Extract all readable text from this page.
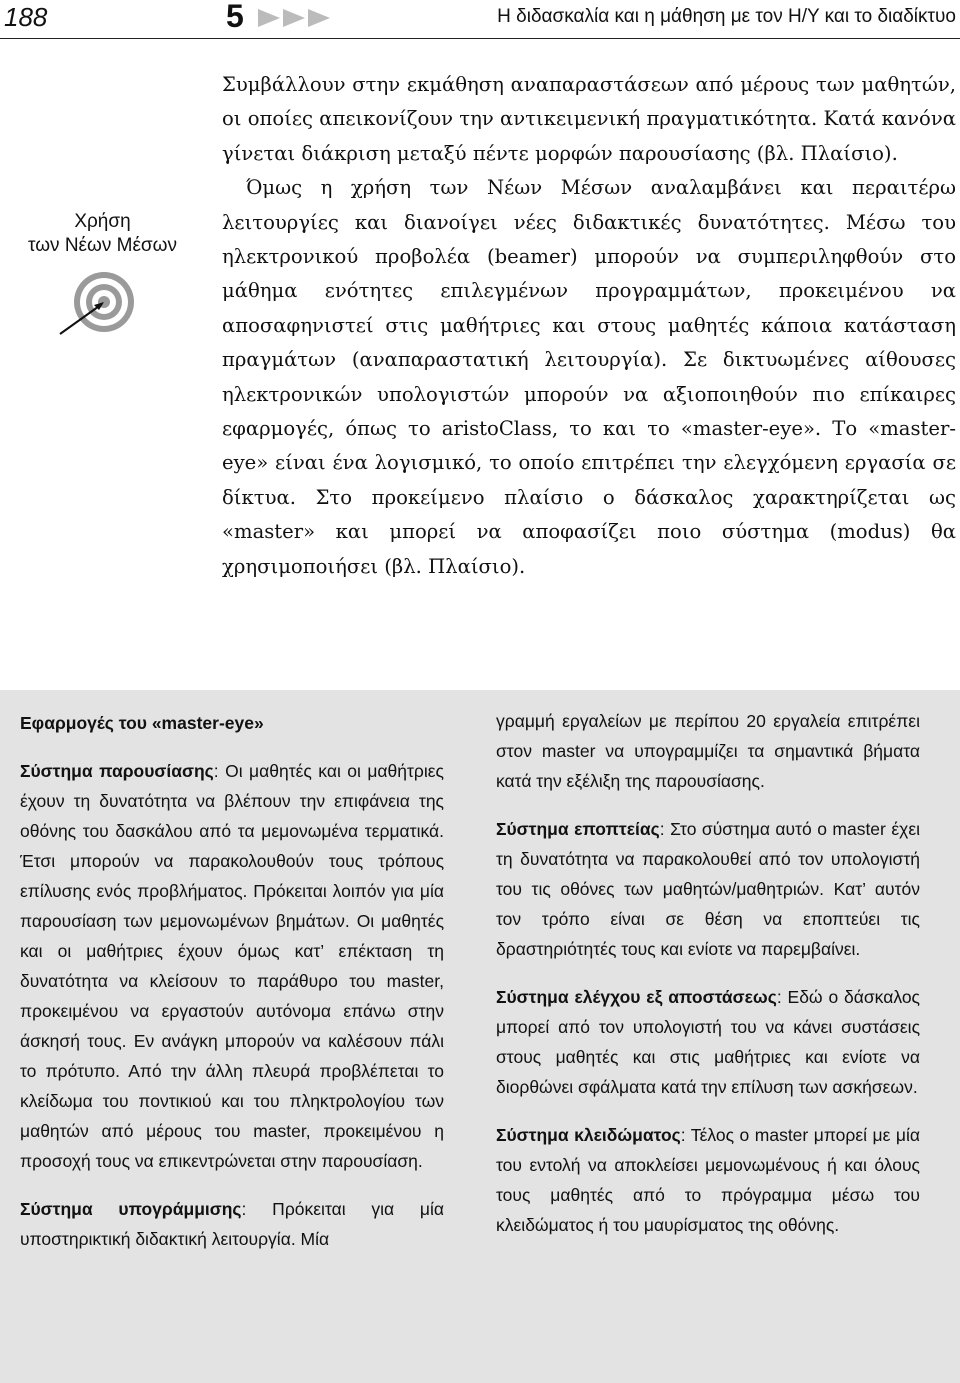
188	5	Η διδασκαλία και η μάθηση με τον Η/Υ και το διαδίκτυο
Χρήση
των Νέων Μέσων

Συμβάλλουν στην εκμάθηση αναπαραστάσεων από μέρους των μαθητών, οι οποίες απεικονίζουν την αντικειμενική πραγματικότητα. Κατά κανόνα γίνεται διάκριση μεταξύ πέντε μορφών παρουσίασης (βλ. Πλαίσιο).

Όμως η χρήση των Νέων Μέσων αναλαμβάνει και περαιτέρω λειτουργίες και διανοίγει νέες διδακτικές δυνατότητες. Μέσω του ηλεκτρονικού προβολέα (beamer) μπορούν να συμπεριληφθούν στο μάθημα ενότητες επιλεγμένων προγραμμάτων, προκειμένου να αποσαφηνιστεί στις μαθήτριες και στους μαθητές κάποια κατάσταση πραγμάτων (αναπαραστατική λειτουργία). Σε δικτυωμένες αίθουσες ηλεκτρονικών υπολογιστών μπορούν να αξιοποιηθούν πιο επίκαιρες εφαρμογές, όπως το aristoClass, το και το «master-eye». Το «master-eye» είναι ένα λογισμικό, το οποίο επιτρέπει την ελεγχόμενη εργασία σε δίκτυα. Στο προκείμενο πλαίσιο ο δάσκαλος χαρακτηρίζεται ως «master» και μπορεί να αποφασίζει ποιο σύστημα (modus) θα χρησιμοποιήσει (βλ. Πλαίσιο).

Εφαρμογές του «master-eye»

Σύστημα παρουσίασης: Οι μαθητές και οι μαθήτριες έχουν τη δυνατότητα να βλέπουν την επιφάνεια της οθόνης του δασκάλου από τα μεμονωμένα τερματικά. Έτσι μπορούν να παρακολουθούν τους τρόπους επίλυσης ενός προβλήματος. Πρόκειται λοιπόν για μία παρουσίαση των μεμονωμένων βημάτων. Οι μαθητές και οι μαθήτριες έχουν όμως κατ’ επέκταση τη δυνατότητα να κλείσουν το παράθυρο του master, προκειμένου να εργαστούν αυτόνομα επάνω στην άσκησή τους. Εν ανάγκη μπορούν να καλέσουν πάλι το πρότυπο. Από την άλλη πλευρά προβλέπεται το κλείδωμα του ποντικιού και του πληκτρολογίου των μαθητών από μέρους του master, προκειμένου η προσοχή τους να επικεντρώνεται στην παρουσίαση.

Σύστημα υπογράμμισης: Πρόκειται για μία υποστηρικτική διδακτική λειτουργία. Μία

γραμμή εργαλείων με περίπου 20 εργαλεία επιτρέπει στον master να υπογραμμίζει τα σημαντικά βήματα κατά την εξέλιξη της παρουσίασης.

Σύστημα εποπτείας: Στο σύστημα αυτό ο master έχει τη δυνατότητα να παρακολουθεί από τον υπολογιστή του τις οθόνες των μαθητών/μαθητριών. Κατ’ αυτόν τον τρόπο είναι σε θέση να εποπτεύει τις δραστηριότητές τους και ενίοτε να παρεμβαίνει.

Σύστημα ελέγχου εξ αποστάσεως: Εδώ ο δάσκαλος μπορεί από τον υπολογιστή του να κάνει συστάσεις στους μαθητές και στις μαθήτριες και ενίοτε να διορθώνει σφάλματα κατά την επίλυση των ασκήσεων.

Σύστημα κλειδώματος: Τέλος ο master μπορεί με μία του εντολή να αποκλείσει μεμονωμένους ή και όλους τους μαθητές από το πρόγραμμα μέσω του κλειδώματος ή του μαυρίσματος της οθόνης.
